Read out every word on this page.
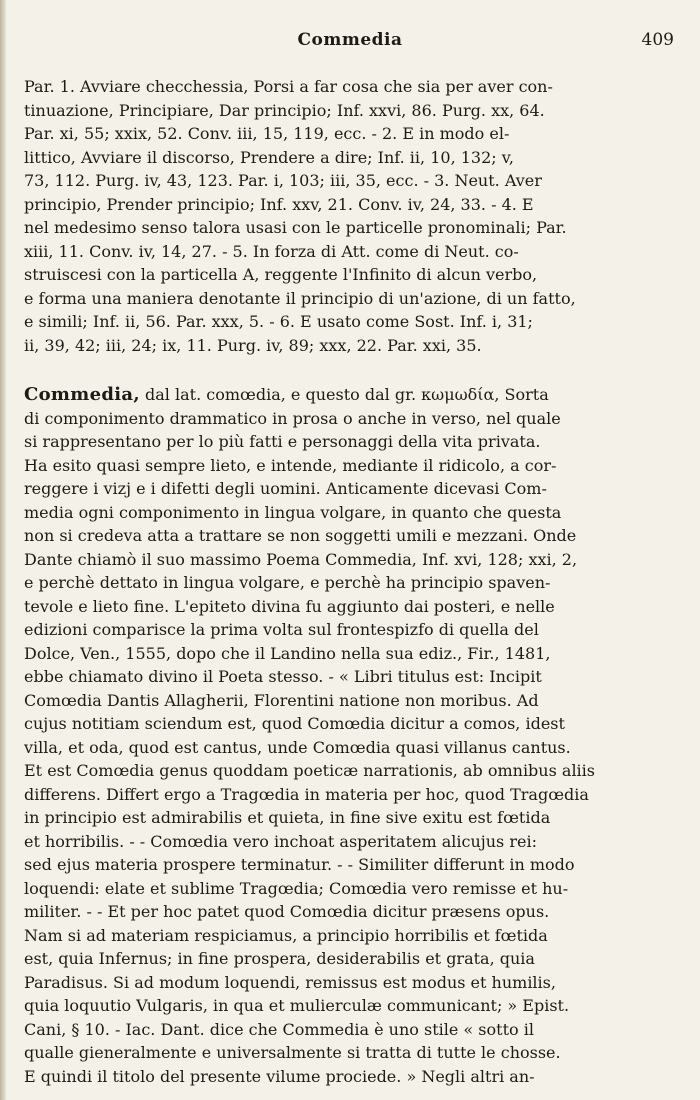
Commedia	409
Par. 1. Avviare checchessia, Porsi a far cosa che sia per aver con-
tinuazione, Principiare, Dar principio; Inf. xxvi, 86. Purg. xx, 64.
Par. xi, 55; xxix, 52. Conv. iii, 15, 119, ecc. - 2. E in modo el-
littico, Avviare il discorso, Prendere a dire; Inf. ii, 10, 132; v,
73, 112. Purg. iv, 43, 123. Par. i, 103; iii, 35, ecc. - 3. Neut. Aver
principio, Prender principio; Inf. xxv, 21. Conv. iv, 24, 33. - 4. E
nel medesimo senso talora usasi con le particelle pronominali; Par.
xiii, 11. Conv. iv, 14, 27. - 5. In forza di Att. come di Neut. co-
struiscesi con la particella A, reggente l'Infinito di alcun verbo,
e forma una maniera denotante il principio di un'azione, di un fatto,
e simili; Inf. ii, 56. Par. xxx, 5. - 6. E usato come Sost. Inf. i, 31;
ii, 39, 42; iii, 24; ix, 11. Purg. iv, 89; xxx, 22. Par. xxi, 35.
Commedia, dal lat. comœdia, e questo dal gr. κωμωδία, Sorta
di componimento drammatico in prosa o anche in verso, nel quale
si rappresentano per lo più fatti e personaggi della vita privata.
Ha esito quasi sempre lieto, e intende, mediante il ridicolo, a cor-
reggere i vizj e i difetti degli uomini. Anticamente dicevasi Com-
media ogni componimento in lingua volgare, in quanto che questa
non si credeva atta a trattare se non soggetti umili e mezzani. Onde
Dante chiamò il suo massimo Poema Commedia, Inf. xvi, 128; xxi, 2,
e perchè dettato in lingua volgare, e perchè ha principio spaven-
tevole e lieto fine. L'epiteto divina fu aggiunto dai posteri, e nelle
edizioni comparisce la prima volta sul frontespizfo di quella del
Dolce, Ven., 1555, dopo che il Landino nella sua ediz., Fir., 1481,
ebbe chiamato divino il Poeta stesso. - « Libri titulus est: Incipit
Comœdia Dantis Allagherii, Florentini natione non moribus. Ad
cujus notitiam sciendum est, quod Comœdia dicitur a comos, idest
villa, et oda, quod est cantus, unde Comœdia quasi villanus cantus.
Et est Comœdia genus quoddam poeticæ narrationis, ab omnibus aliis
differens. Differt ergo a Tragœdia in materia per hoc, quod Tragœdia
in principio est admirabilis et quieta, in fine sive exitu est fœtida
et horribilis. - - Comœdia vero inchoat asperitatem alicujus rei:
sed ejus materia prospere terminatur. - - Similiter differunt in modo
loquendi: elate et sublime Tragœdia; Comœdia vero remisse et hu-
militer. - - Et per hoc patet quod Comœdia dicitur præsens opus.
Nam si ad materiam respiciamus, a principio horribilis et fœtida
est, quia Infernus; in fine prospera, desiderabilis et grata, quia
Paradisus. Si ad modum loquendi, remissus est modus et humilis,
quia loquutio Vulgaris, in qua et mulierculæ communicant; » Epist.
Cani, § 10. - Iac. Dant. dice che Commedia è uno stile « sotto il
qualle gieneralmente e universalmente si tratta di tutte le chosse.
E quindi il titolo del presente vilume prociede. » Negli altri an-
